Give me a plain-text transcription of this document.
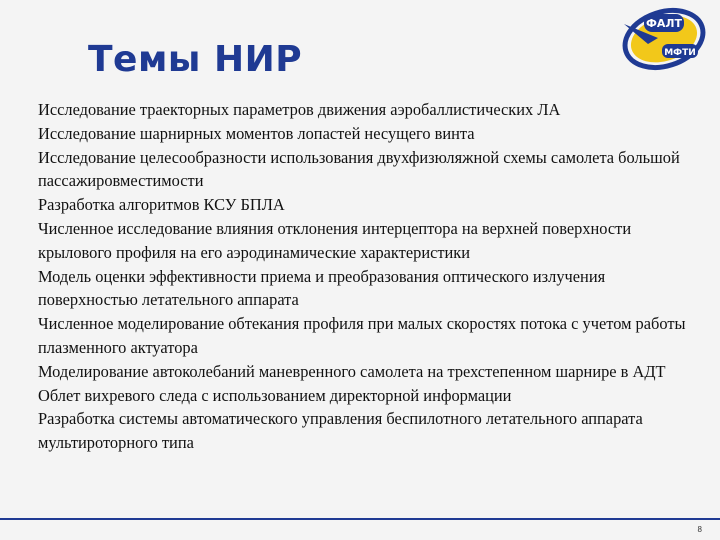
Темы НИР
ФАЛТ
МФТИ
Исследование траекторных параметров движения аэробаллистических ЛА
Исследование шарнирных моментов лопастей несущего винта
Исследование целесообразности использования двухфизюляжной схемы самолета большой пассажировместимости
Разработка алгоритмов КСУ БПЛА
Численное исследование влияния отклонения интерцептора на верхней поверхности крылового профиля на его аэродинамические характеристики
Модель оценки эффективности приема и преобразования оптического излучения поверхностью летательного аппарата
Численное моделирование обтекания профиля при малых скоростях потока с учетом работы плазменного актуатора
Моделирование автоколебаний маневренного самолета на трехстепенном шарнире в АДТ
Облет вихревого следа с использованием директорной информации
Разработка системы автоматического управления беспилотного летательного аппарата мультироторного типа
8
